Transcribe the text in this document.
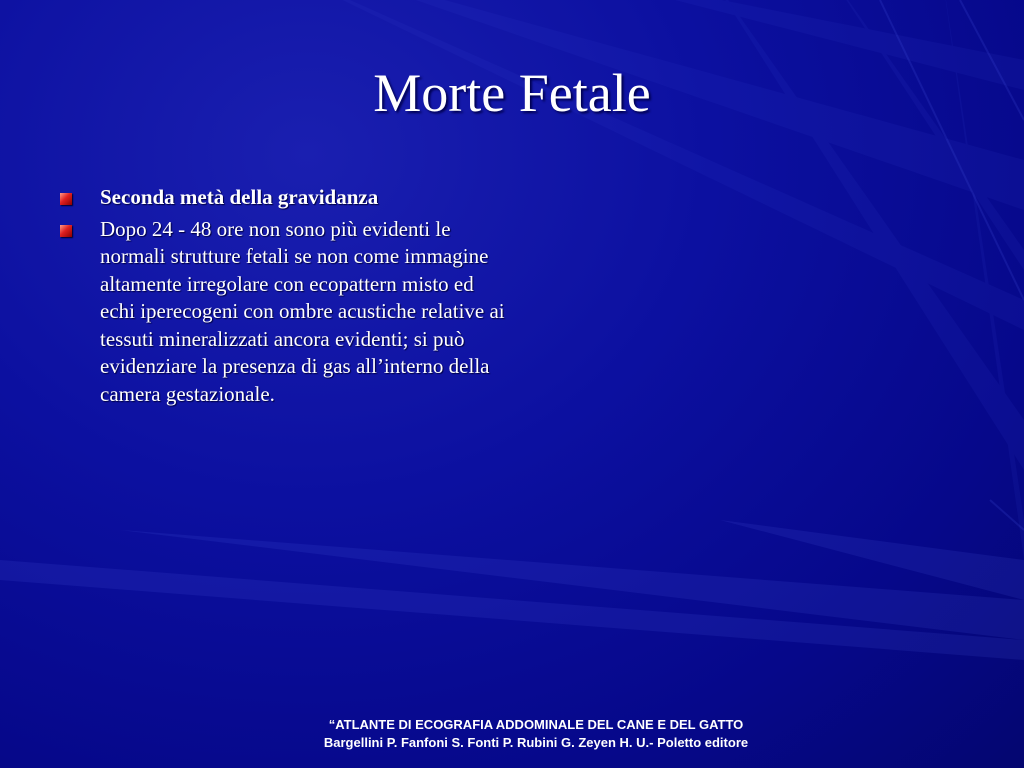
Morte Fetale
Seconda metà della gravidanza
Dopo 24 - 48 ore non sono più evidenti le normali strutture fetali se non come immagine altamente irregolare con ecopattern misto ed echi iperecogeni con ombre acustiche relative ai tessuti mineralizzati ancora evidenti; si può evidenziare la presenza di gas all’interno della camera gestazionale.
“ATLANTE DI ECOGRAFIA ADDOMINALE DEL CANE E DEL GATTO
Bargellini P. Fanfoni S. Fonti P. Rubini G. Zeyen H. U.- Poletto editore
